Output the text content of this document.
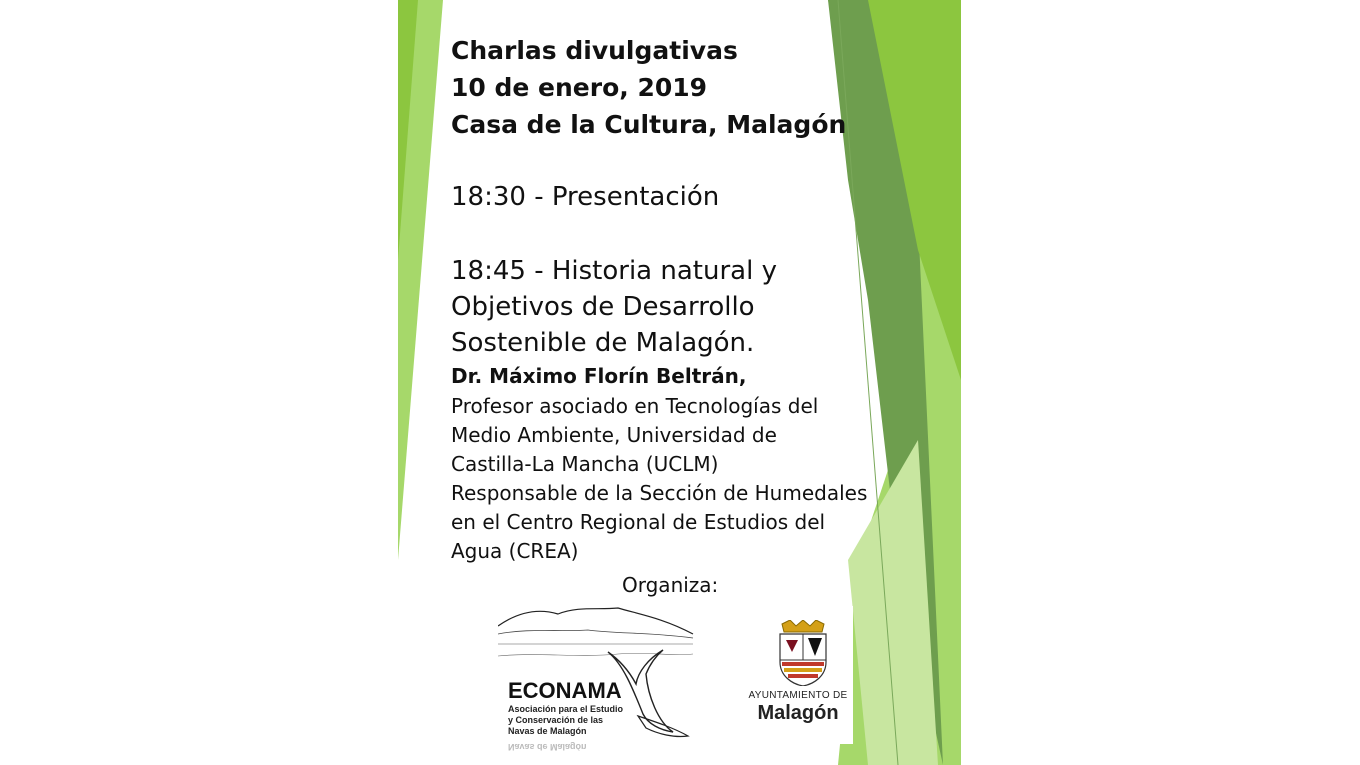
Charlas divulgativas
10 de enero, 2019
Casa de la Cultura, Malagón
18:30 - Presentación
18:45 - Historia natural y
Objetivos de Desarrollo
Sostenible de Malagón.
Dr. Máximo Florín Beltrán,
Profesor asociado en Tecnologías del
Medio Ambiente, Universidad de
Castilla-La Mancha (UCLM)
Responsable de la Sección de Humedales
en el Centro Regional de Estudios del
Agua (CREA)
Organiza:
ECONAMA
Asociación para el Estudio
y Conservación de las
Navas de Malagón
Navas de Malagón
AYUNTAMIENTO DE
Malagón
